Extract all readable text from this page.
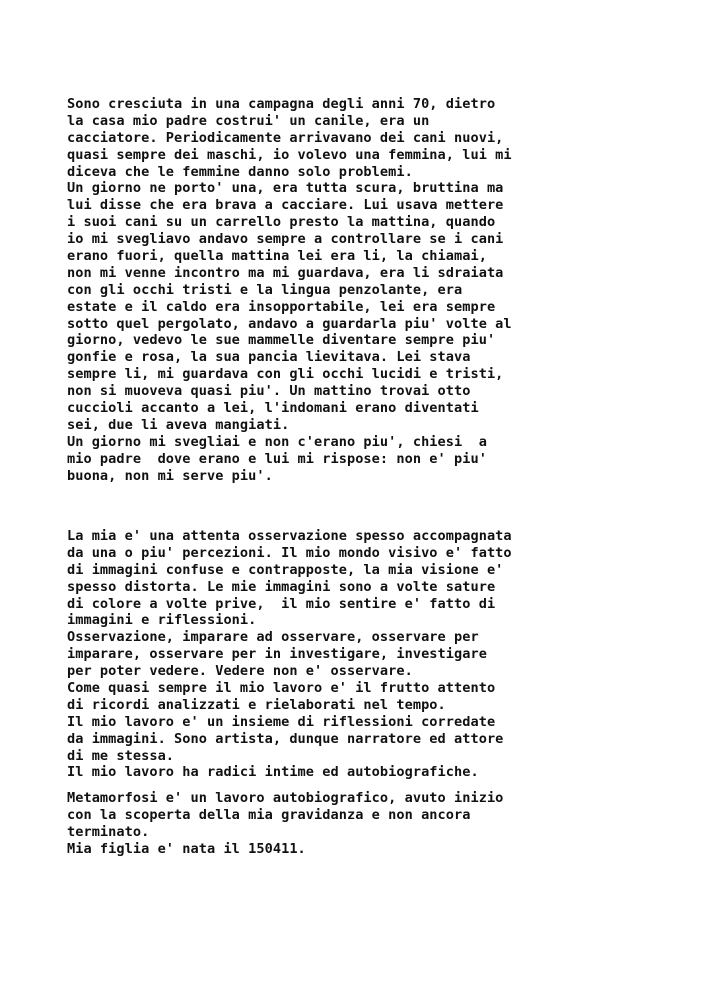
Sono cresciuta in una campagna degli anni 70, dietro
la casa mio padre costrui' un canile, era un
cacciatore. Periodicamente arrivavano dei cani nuovi,
quasi sempre dei maschi, io volevo una femmina, lui mi
diceva che le femmine danno solo problemi.
Un giorno ne porto' una, era tutta scura, bruttina ma
lui disse che era brava a cacciare. Lui usava mettere
i suoi cani su un carrello presto la mattina, quando
io mi svegliavo andavo sempre a controllare se i cani
erano fuori, quella mattina lei era li, la chiamai,
non mi venne incontro ma mi guardava, era li sdraiata
con gli occhi tristi e la lingua penzolante, era
estate e il caldo era insopportabile, lei era sempre
sotto quel pergolato, andavo a guardarla piu' volte al
giorno, vedevo le sue mammelle diventare sempre piu'
gonfie e rosa, la sua pancia lievitava. Lei stava
sempre li, mi guardava con gli occhi lucidi e tristi,
non si muoveva quasi piu'. Un mattino trovai otto
cuccioli accanto a lei, l'indomani erano diventati
sei, due li aveva mangiati.
Un giorno mi svegliai e non c'erano piu', chiesi  a
mio padre  dove erano e lui mi rispose: non e' piu'
buona, non mi serve piu'.
La mia e' una attenta osservazione spesso accompagnata
da una o piu' percezioni. Il mio mondo visivo e' fatto
di immagini confuse e contrapposte, la mia visione e'
spesso distorta. Le mie immagini sono a volte sature
di colore a volte prive,  il mio sentire e' fatto di
immagini e riflessioni.
Osservazione, imparare ad osservare, osservare per
imparare, osservare per in investigare, investigare
per poter vedere. Vedere non e' osservare.
Come quasi sempre il mio lavoro e' il frutto attento
di ricordi analizzati e rielaborati nel tempo.
Il mio lavoro e' un insieme di riflessioni corredate
da immagini. Sono artista, dunque narratore ed attore
di me stessa.
Il mio lavoro ha radici intime ed autobiografiche.
Metamorfosi e' un lavoro autobiografico, avuto inizio
con la scoperta della mia gravidanza e non ancora
terminato.
Mia figlia e' nata il 150411.
